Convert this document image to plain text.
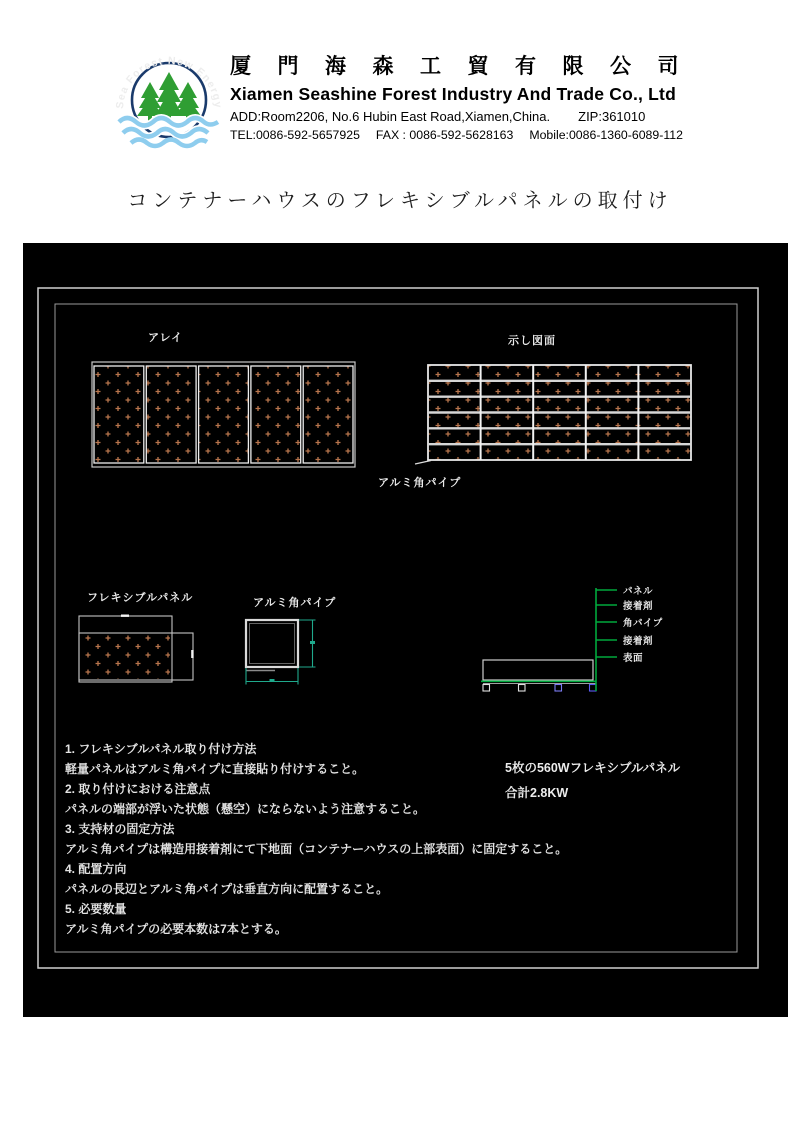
Sea Forest New Energy
厦門海森工貿有限公司
Xiamen Seashine Forest Industry And Trade Co., Ltd
ADD:Room2206, No.6 Hubin East Road,Xiamen,China. ZIP:361010
TEL:0086-592-5657925 FAX : 0086-592-5628163 Mobile:0086-1360-6089-112
コンテナーハウスのフレキシブルパネルの取付け
アレイ	示し図面
アルミ角パイプ
フレキシブルパネル	アルミ角パイプ
パネル
接着剤
角パイプ
接着剤
表面
1. フレキシブルパネル取り付け方法
軽量パネルはアルミ角パイプに直接貼り付けすること。
2. 取り付けにおける注意点
パネルの端部が浮いた状態（懸空）にならないよう注意すること。
3. 支持材の固定方法
アルミ角パイプは構造用接着剤にて下地面（コンテナーハウスの上部表面）に固定すること。
4. 配置方向
パネルの長辺とアルミ角パイプは垂直方向に配置すること。
5. 必要数量
アルミ角パイプの必要本数は7本とする。
5枚の560Wフレキシブルパネル
合計2.8KW
